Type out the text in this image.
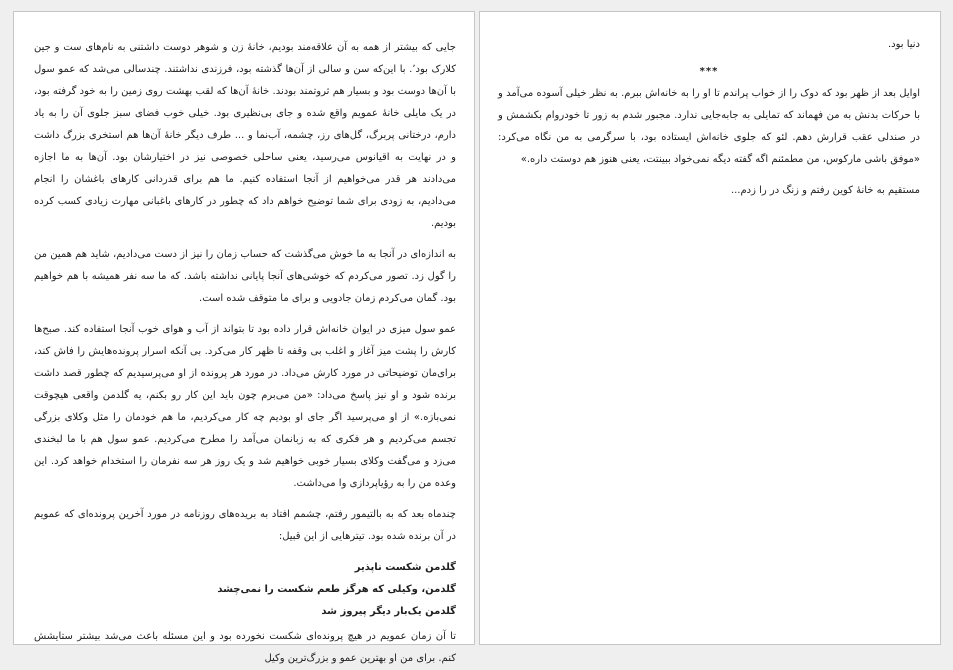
جایی که بیشتر از همه به آن علاقه‌مند بودیم، خانهٔ زن و شوهر دوست داشتنی به نام‌های ست و جین کلارک بود٬. با این‌که سن و سالی از آن‌ها گذشته بود، فرزندی نداشتند. چندسالی می‌شد که عمو سول با آن‌ها دوست بود و بسیار هم ثروتمند بودند. خانهٔ آن‌ها که لقب بهشت روی زمین را به خود گرفته بود، در یک مایلی خانهٔ عمویم واقع شده و جای بی‌نظیری بود. خیلی خوب فضای سبز جلوی آن را به یاد دارم، درختانی پربرگ، گل‌های رز، چشمه، آب‌نما و ... طرف دیگر خانهٔ آن‌ها هم استخری بزرگ داشت و در نهایت به اقیانوس می‌رسید، یعنی ساحلی خصوصی نیز در اختیارشان بود. آن‌ها به ما اجازه می‌دادند هر قدر می‌خواهیم از آنجا استفاده کنیم. ما هم برای قدردانی کارهای باغشان را انجام می‌دادیم، به زودی برای شما توضیح خواهم داد که چطور در کارهای باغبانی مهارت زیادی کسب کرده بودیم.

به اندازه‌ای در آنجا به ما خوش می‌گذشت که حساب زمان را نیز از دست می‌دادیم، شاید هم همین من را گول زد. تصور می‌کردم که خوشی‌های آنجا پایانی نداشته باشد. که ما سه نفر همیشه با هم خواهیم بود. گمان می‌کردم زمان جادویی و برای ما متوقف شده است.

عمو سول میزی در ایوان خانه‌اش قرار داده بود تا بتواند از آب و هوای خوب آنجا استفاده کند. صبح‌ها کارش را پشت میز آغاز و اغلب بی وقفه تا ظهر کار می‌کرد. بی آنکه اسرار پرونده‌هایش را فاش کند، برای‌مان توضیحاتی در مورد کارش می‌داد. در مورد هر پرونده از او می‌پرسیدیم که چطور قصد داشت برنده شود و او نیز پاسخ می‌داد: «من می‌برم چون باید این کار رو بکنم، یه گلدمن واقعی هیچوقت نمی‌بازه.» از او می‌پرسید اگر جای او بودیم چه کار می‌کردیم، ما هم خودمان را مثل وکلای بزرگی تجسم می‌کردیم و هر فکری که به زبانمان می‌آمد را مطرح می‌کردیم. عمو سول هم با ما لبخندی می‌زد و می‌گفت وکلای بسیار خوبی خواهیم شد و یک روز هر سه نفرمان را استخدام خواهد کرد. این وعده من را به رؤیاپردازی وا می‌داشت.

چندماه بعد که به بالتیمور رفتم، چشمم افتاد به بریده‌های روزنامه در مورد آخرین پرونده‌ای که عمویم در آن برنده شده بود. تیترهایی از این قبیل:

گلدمن شکست ناپذیر

گلدمن، وکیلی که هرگز طعم شکست را نمی‌چشد

گلدمن یک‌بار دیگر پیروز شد

تا آن زمان عمویم در هیچ پرونده‌ای شکست نخورده بود و این مسئله باعث می‌شد بیشتر ستایشش کنم. برای من او بهترین عمو و بزرگ‌ترین وکیل

دنیا بود.

***

اوایل بعد از ظهر بود که دوک را از خواب پراندم تا او را به خانه‌اش ببرم. به نظر خیلی آسوده می‌آمد و با حرکات بدنش به من فهماند که تمایلی به جابه‌جایی ندارد. مجبور شدم به زور تا خودروام بکشمش و در صندلی عقب قرارش دهم. لئو که جلوی خانه‌اش ایستاده بود، با سرگرمی به من نگاه می‌کرد: «موفق باشی مارکوس، من مطمئنم اگه گفته دیگه نمی‌خواد ببینتت، یعنی هنوز هم دوستت داره.»

مستقیم به خانهٔ کوین رفتم و زنگ در را زدم...
